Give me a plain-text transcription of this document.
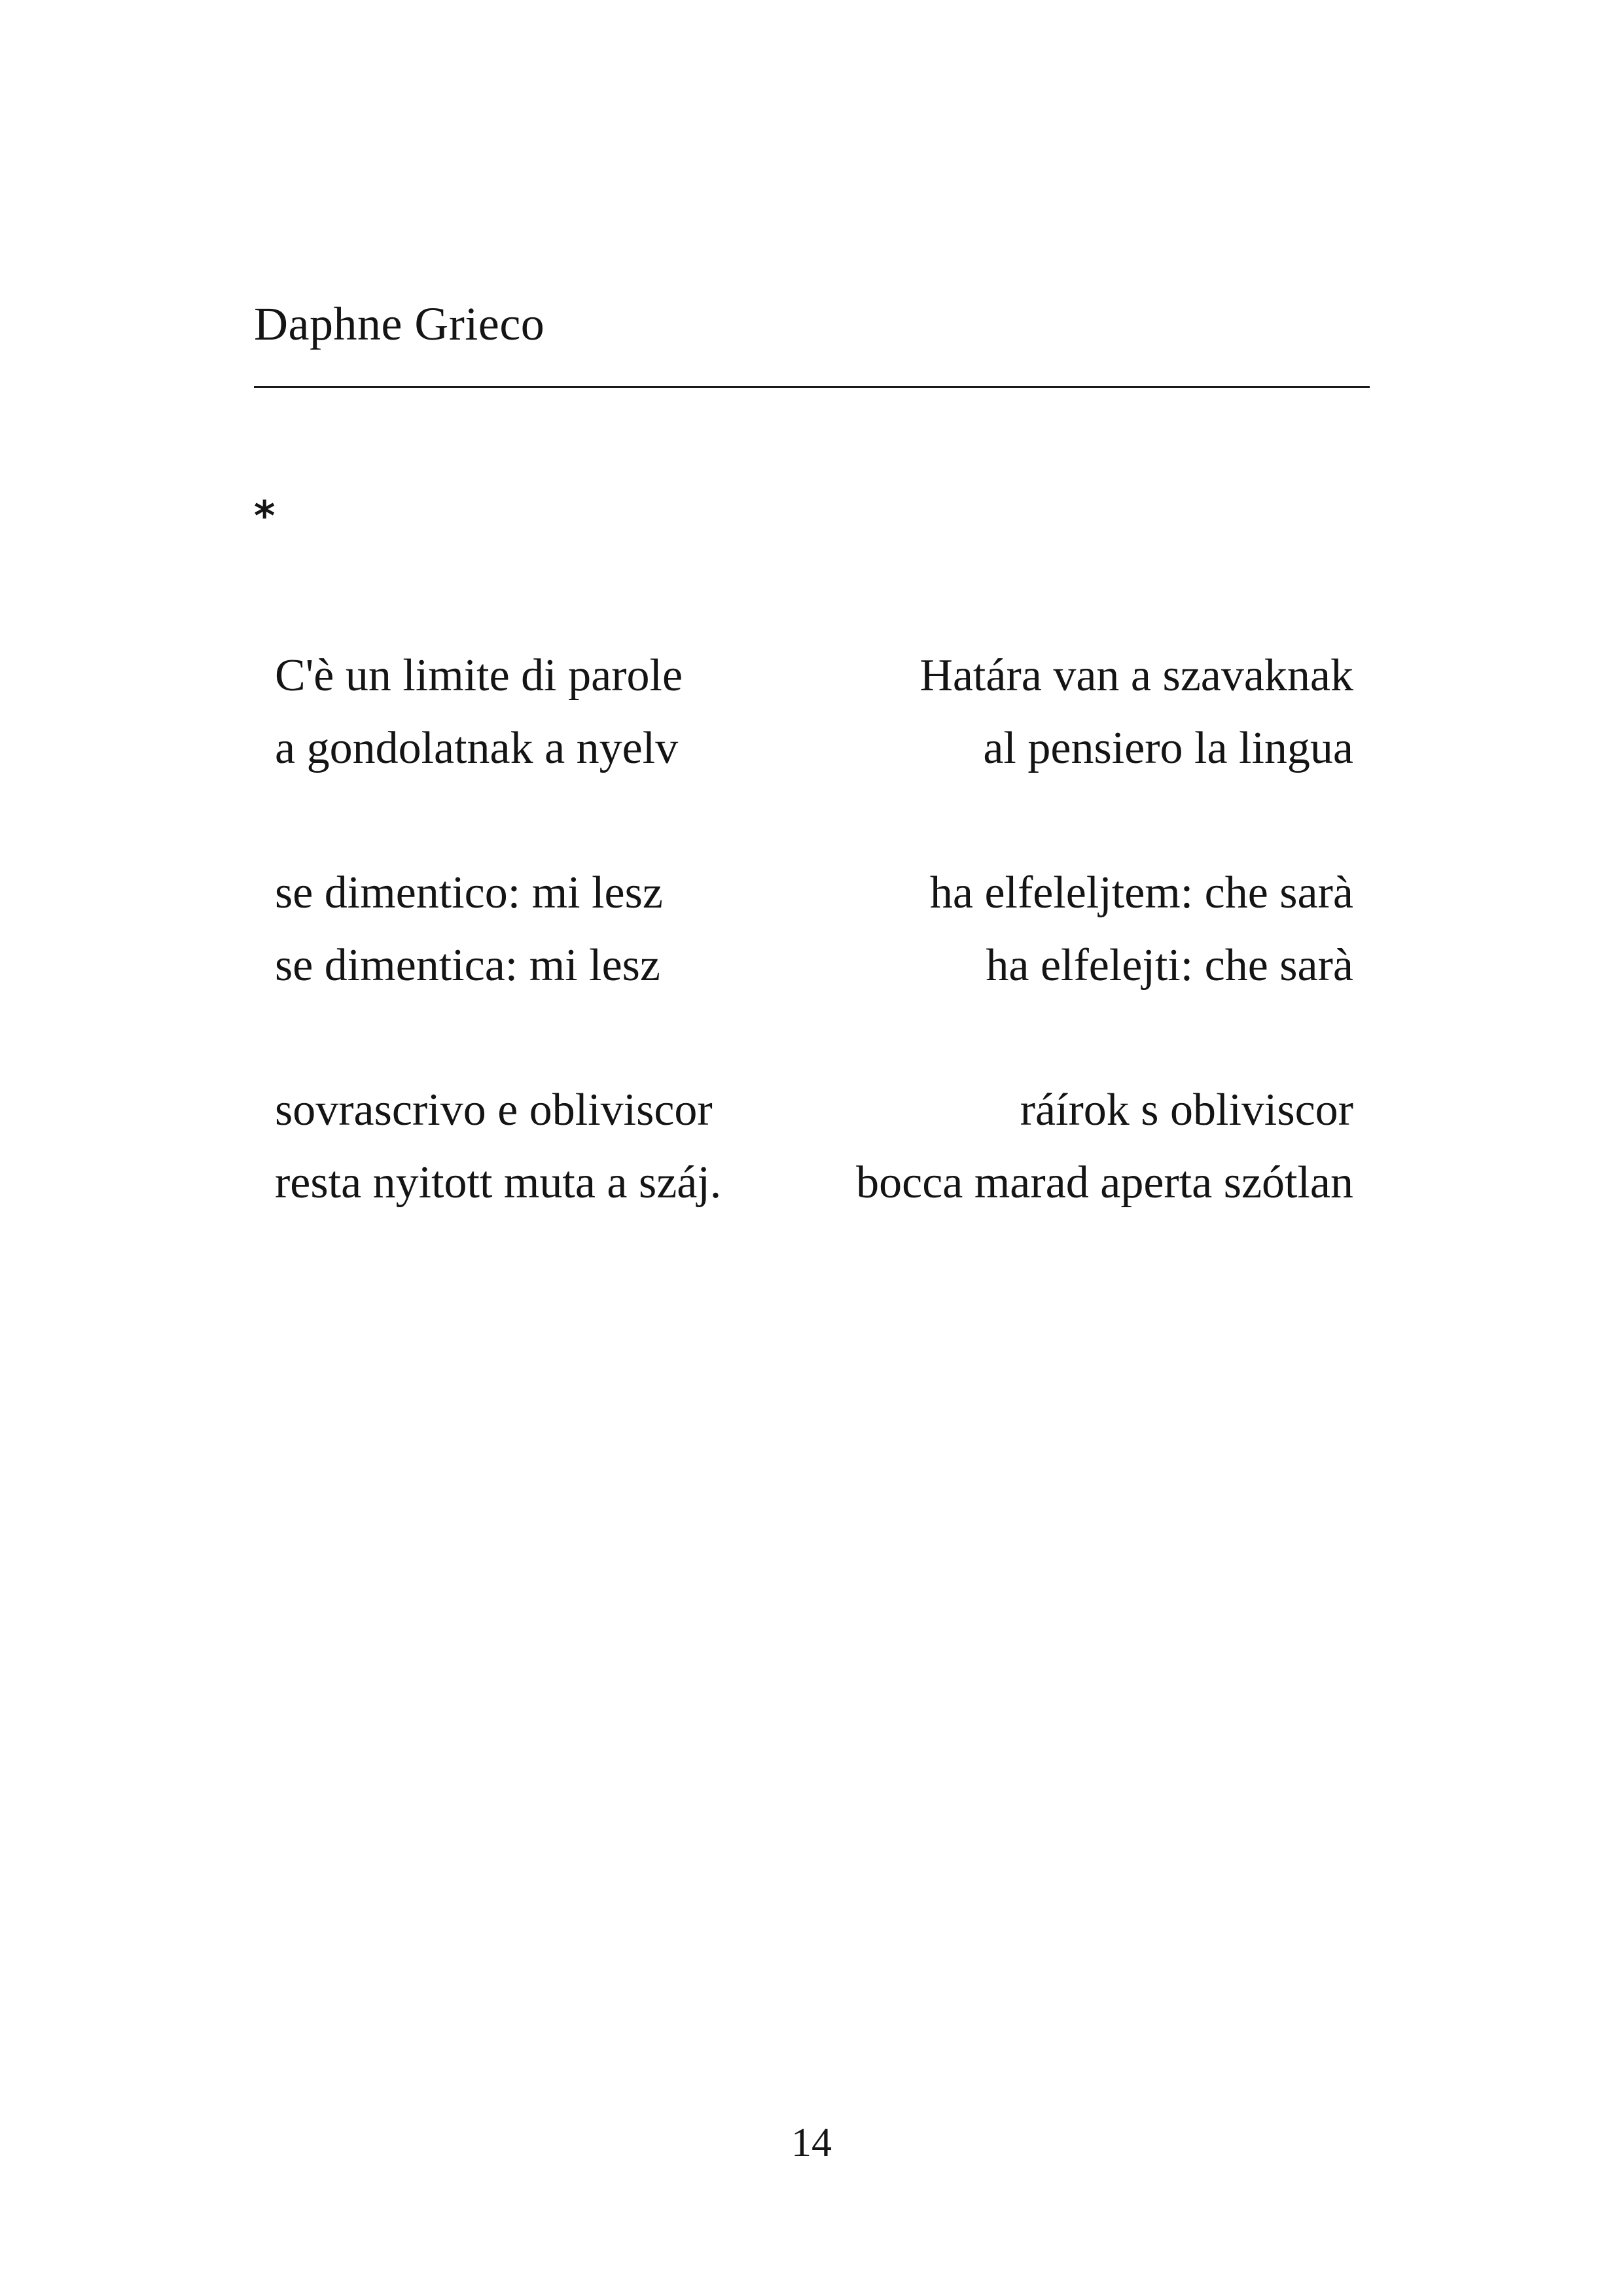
Daphne Grieco
*
C'è un limite di parole
a gondolatnak a nyelv
se dimentico: mi lesz
se dimentica: mi lesz
sovrascrivo e obliviscor
resta nyitott muta a száj.
Határa van a szavaknak
al pensiero la lingua
ha elfeleljtem: che sarà
ha elfelejti: che sarà
ráírok s obliviscor
bocca marad aperta szótlan
14
